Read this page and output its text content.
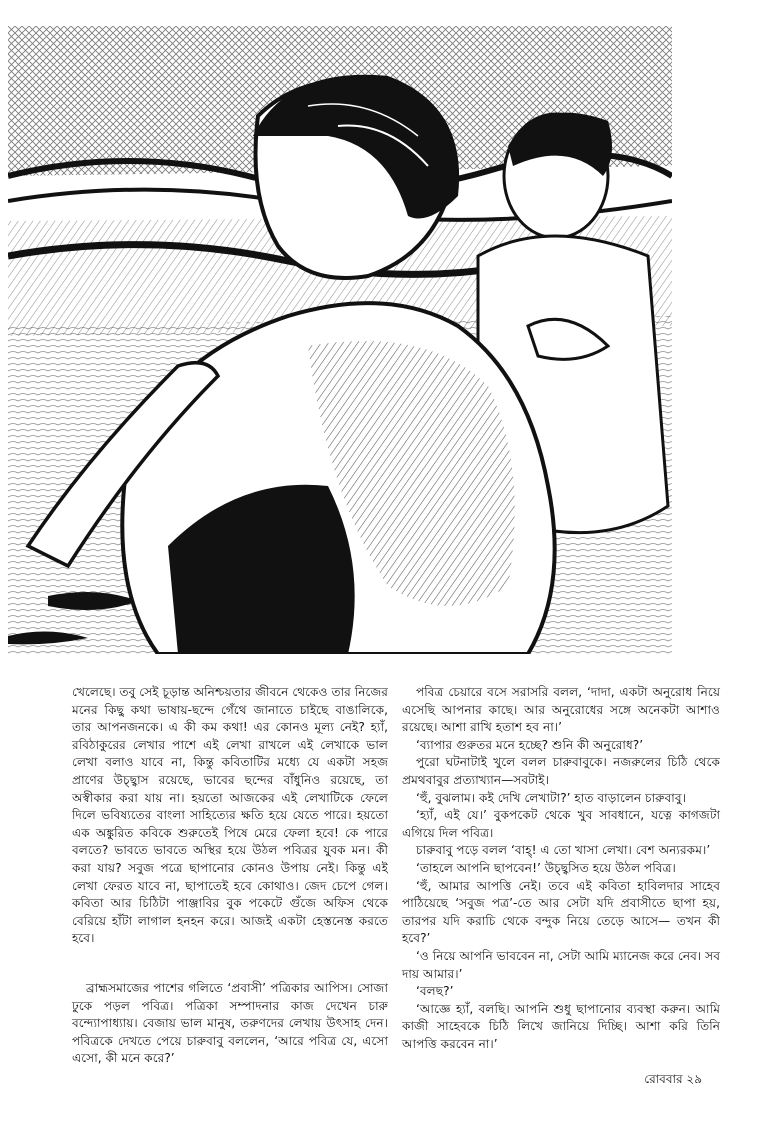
খেলেছে। তবু সেই চূড়ান্ত অনিশ্চয়তার জীবনে থেকেও তার নিজের মনের কিছু কথা ভাষায়-ছন্দে গেঁথে জানাতে চাইছে বাঙালিকে, তার আপনজনকে। এ কী কম কথা! এর কোনও মূল্য নেই? হ্যাঁ, রবিঠাকুরের লেখার পাশে এই লেখা রাখলে এই লেখাকে ভাল লেখা বলাও যাবে না, কিন্তু কবিতাটির মধ্যে যে একটা সহজ প্রাণের উচ্ছ্বাস রয়েছে, ভাবের ছন্দের বাঁধুনিও রয়েছে, তা অস্বীকার করা যায় না। হয়তো আজকের এই লেখাটিকে ফেলে দিলে ভবিষ্যতের বাংলা সাহিত্যের ক্ষতি হয়ে যেতে পারে। হয়তো এক অঙ্কুরিত কবিকে শুরুতেই পিষে মেরে ফেলা হবে! কে পারে বলতে? ভাবতে ভাবতে অস্থির হয়ে উঠল পবিত্রর যুবক মন। কী করা যায়? সবুজ পত্রে ছাপানোর কোনও উপায় নেই। কিন্তু এই লেখা ফেরত যাবে না, ছাপাতেই হবে কোথাও। জেদ চেপে গেল। কবিতা আর চিঠিটা পাঞ্জাবির বুক পকেটে গুঁজে অফিস থেকে বেরিয়ে হাঁটা লাগাল হনহন করে। আজই একটা হেস্তনেস্ত করতে হবে।

ব্রাহ্মসমাজের পাশের গলিতে ‘প্রবাসী’ পত্রিকার আপিস। সোজা ঢুকে পড়ল পবিত্র। পত্রিকা সম্পাদনার কাজ দেখেন চারু বন্দ্যোপাধ্যায়। বেজায় ভাল মানুষ, তরুণদের লেখায় উৎসাহ দেন। পবিত্রকে দেখতে পেয়ে চারুবাবু বললেন, ‘আরে পবিত্র যে, এসো এসো, কী মনে করে?’

পবিত্র চেয়ারে বসে সরাসরি বলল, ‘দাদা, একটা অনুরোধ নিয়ে এসেছি আপনার কাছে। আর অনুরোধের সঙ্গে অনেকটা আশাও রয়েছে। আশা রাখি হতাশ হব না।’

‘ব্যাপার গুরুতর মনে হচ্ছে? শুনি কী অনুরোধ?’

পুরো ঘটনাটাই খুলে বলল চারুবাবুকে। নজরুলের চিঠি থেকে প্রমথবাবুর প্রত্যাখ্যান—সবটাই।

‘হুঁ, বুঝলাম। কই দেখি লেখাটা?’ হাত বাড়ালেন চারুবাবু।

‘হ্যাঁ, এই যে।’ বুকপকেট থেকে খুব সাবধানে, যত্নে কাগজটা এগিয়ে দিল পবিত্র।

চারুবাবু পড়ে বলল ‘বাহ্! এ তো খাসা লেখা। বেশ অন্যরকম।’

‘তাহলে আপনি ছাপবেন!’ উচ্ছ্বসিত হয়ে উঠল পবিত্র।

‘হুঁ, আমার আপত্তি নেই। তবে এই কবিতা হাবিলদার সাহেব পাঠিয়েছে ‘সবুজ পত্র’-তে আর সেটা যদি প্রবাসীতে ছাপা হয়, তারপর যদি করাচি থেকে বন্দুক নিয়ে তেড়ে আসে— তখন কী হবে?’

‘ও নিয়ে আপনি ভাববেন না, সেটা আমি ম্যানেজ করে নেব। সব দায় আমার।’

‘বলছ?’

‘আজ্ঞে হ্যাঁ, বলছি। আপনি শুধু ছাপানোর ব্যবস্থা করুন। আমি কাজী সাহেবকে চিঠি লিখে জানিয়ে দিচ্ছি। আশা করি তিনি আপত্তি করবেন না।’

রোববার ২৯
